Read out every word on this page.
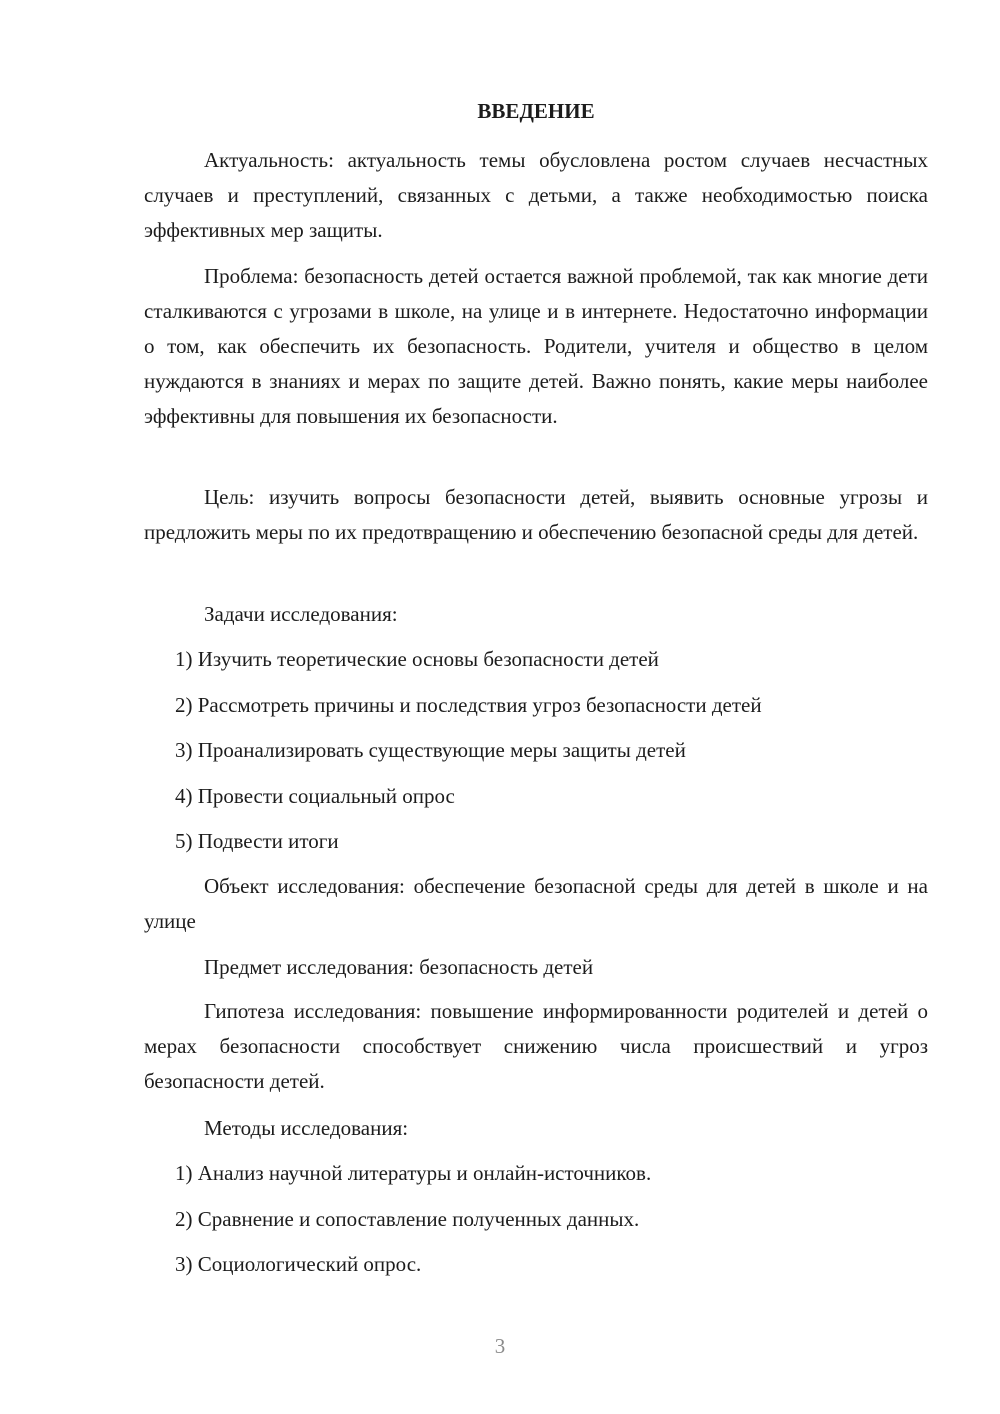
ВВЕДЕНИЕ

Актуальность: актуальность темы обусловлена ростом случаев несчастных случаев и преступлений, связанных с детьми, а также необходимостью поиска эффективных мер защиты.

Проблема: безопасность детей остается важной проблемой, так как многие дети сталкиваются с угрозами в школе, на улице и в интернете. Недостаточно информации о том, как обеспечить их безопасность. Родители, учителя и общество в целом нуждаются в знаниях и мерах по защите детей. Важно понять, какие меры наиболее эффективны для повышения их безопасности.

Цель: изучить вопросы безопасности детей, выявить основные угрозы и предложить меры по их предотвращению и обеспечению безопасной среды для детей.

Задачи исследования:
1) Изучить теоретические основы безопасности детей
2) Рассмотреть причины и последствия угроз безопасности детей
3) Проанализировать существующие меры защиты детей
4) Провести социальный опрос
5) Подвести итоги

Объект исследования: обеспечение безопасной среды для детей в школе и на улице

Предмет исследования: безопасность детей

Гипотеза исследования: повышение информированности родителей и детей о мерах безопасности способствует снижению числа происшествий и угроз безопасности детей.

Методы исследования:
1) Анализ научной литературы и онлайн-источников.
2) Сравнение и сопоставление полученных данных.
3) Социологический опрос.
3
